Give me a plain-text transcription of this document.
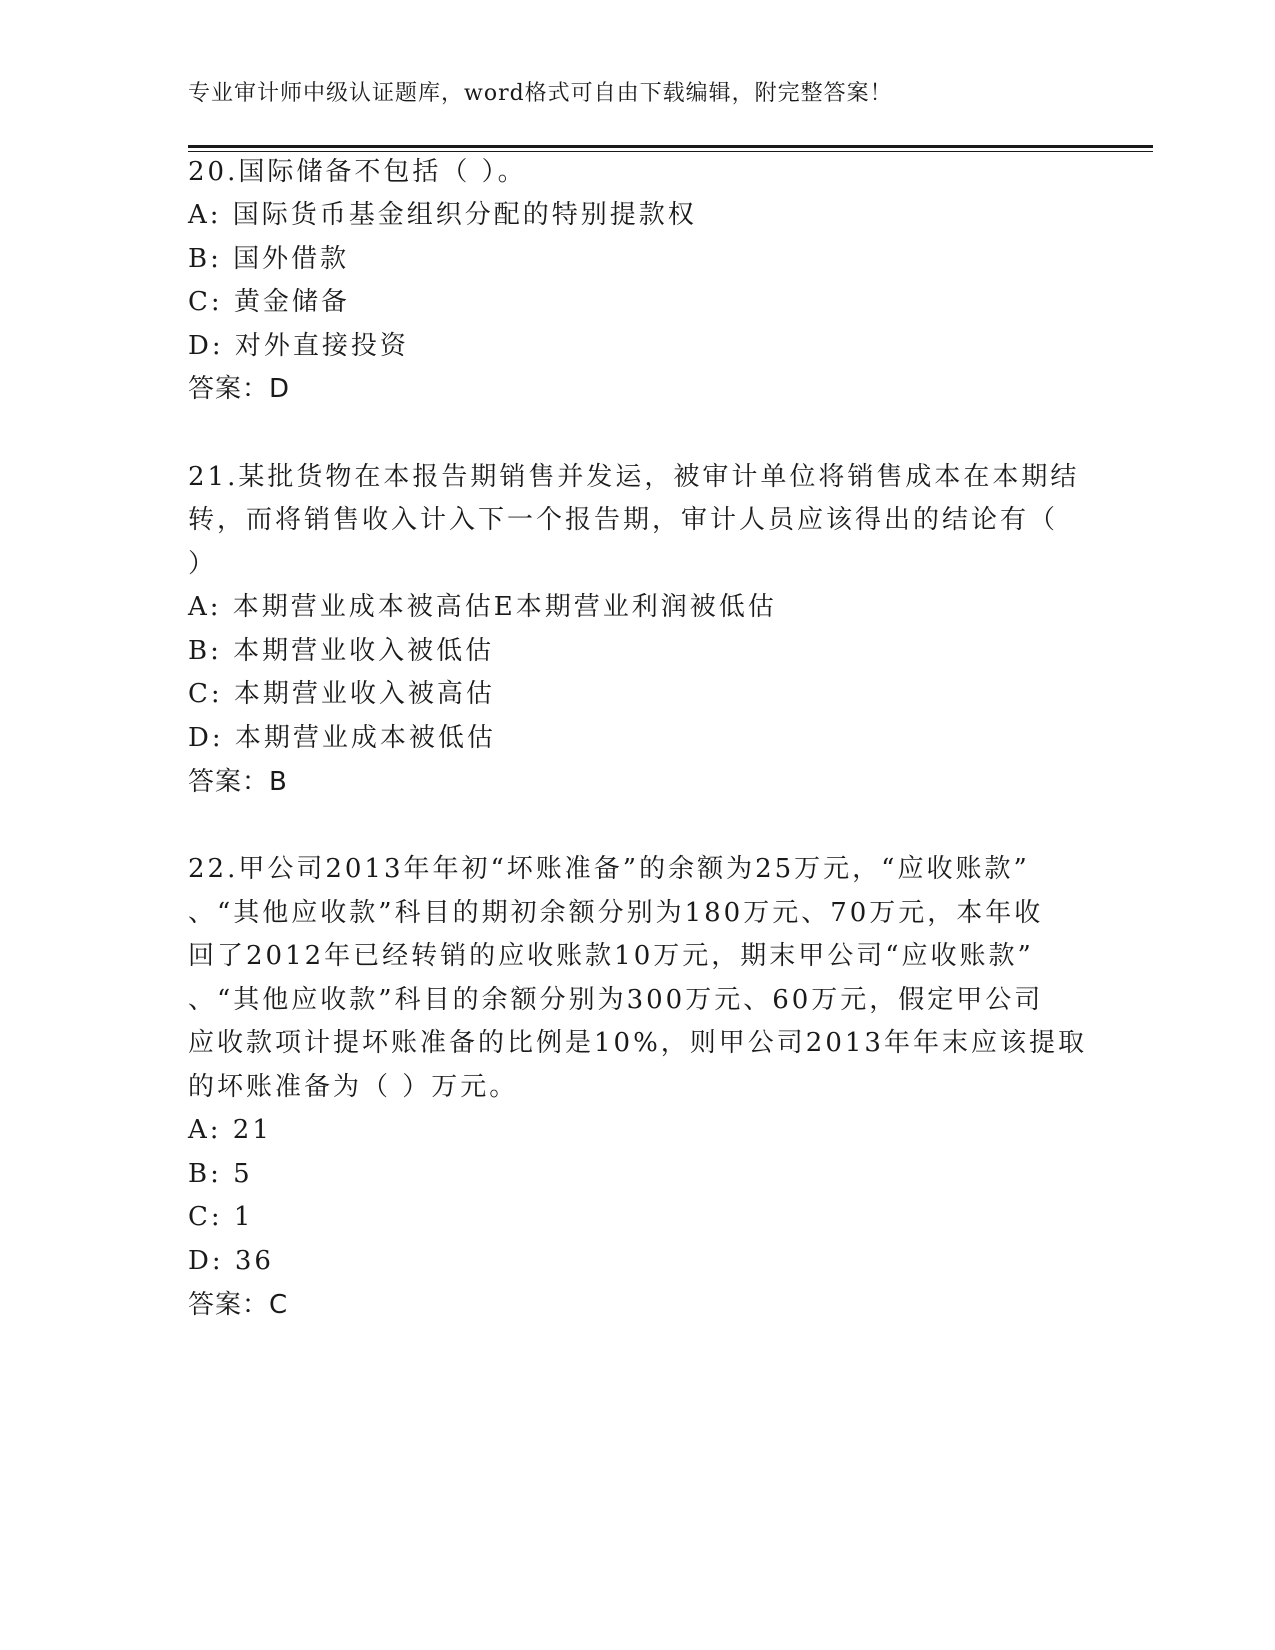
专业审计师中级认证题库，word格式可自由下载编辑，附完整答案！
20.国际储备不包括（ ）。
A: 国际货币基金组织分配的特别提款权
B: 国外借款
C: 黄金储备
D: 对外直接投资
答案：D
21.某批货物在本报告期销售并发运，被审计单位将销售成本在本期结
转，而将销售收入计入下一个报告期，审计人员应该得出的结论有（
）
A: 本期营业成本被高估E本期营业利润被低估
B: 本期营业收入被低估
C: 本期营业收入被高估
D: 本期营业成本被低估
答案：B
22.甲公司2013年年初“坏账准备”的余额为25万元，“应收账款”
、“其他应收款”科目的期初余额分别为180万元、70万元，本年收
回了2012年已经转销的应收账款10万元，期末甲公司“应收账款”
、“其他应收款”科目的余额分别为300万元、60万元，假定甲公司
应收款项计提坏账准备的比例是10%，则甲公司2013年年末应该提取
的坏账准备为（ ）万元。
A: 21
B: 5
C: 1
D: 36
答案：C
